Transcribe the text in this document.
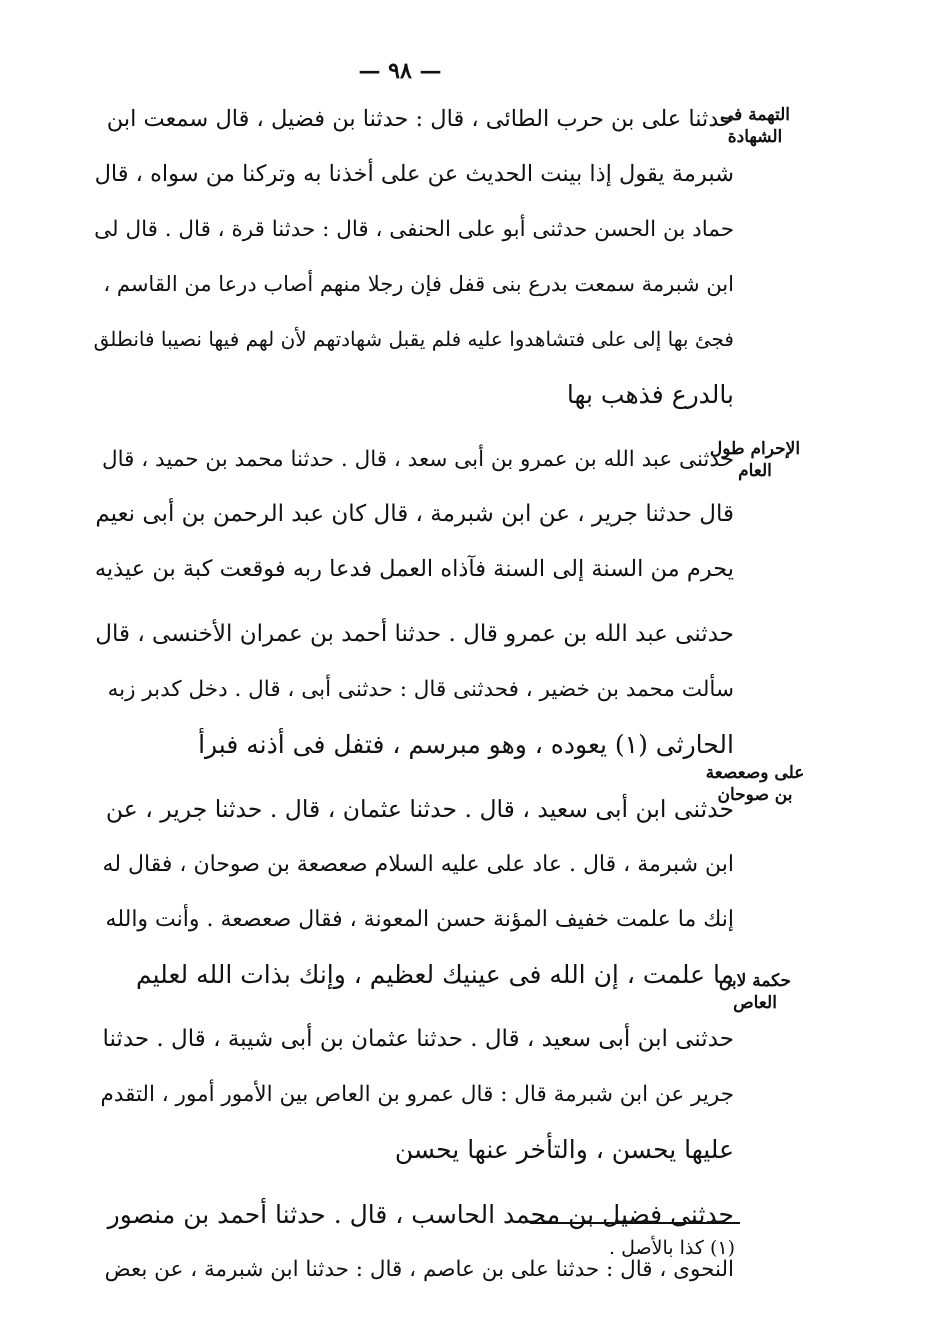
— ٩٨ —
التهمة فى الشهادة
الإحرام طول العام
على وصعصعة بن صوحان
حكمة لابن العاص
حدثنا على بن حرب الطائى ، قال : حدثنا بن فضيل ، قال سمعت ابن
شبرمة يقول إذا بينت الحديث عن على أخذنا به وتركنا من سواه ، قال
حماد بن الحسن حدثنى أبو على الحنفى ، قال : حدثنا قرة ، قال . قال لى
ابن شبرمة سمعت بدرع بنى قفل فإن رجلا منهم أصاب درعا من القاسم ،
فجئ بها إلى على فتشاهدوا عليه فلم يقبل شهادتهم لأن لهم فيها نصيبا فانطلق
بالدرع فذهب بها
حدثنى عبد الله بن عمرو بن أبى سعد ، قال . حدثنا محمد بن حميد ، قال
قال حدثنا جرير ، عن ابن شبرمة ، قال كان عبد الرحمن بن أبى نعيم
يحرم من السنة إلى السنة فآذاه العمل فدعا ربه فوقعت كبة بن عيذيه
حدثنى عبد الله بن عمرو قال . حدثنا أحمد بن عمران الأخنسى ، قال
سألت محمد بن خضير ، فحدثنى قال : حدثنى أبى ، قال . دخل كدبر زبه
الحارثى (١) يعوده ، وهو مبرسم ، فتفل فى أذنه فبرأ
حدثنى ابن أبى سعيد ، قال . حدثنا عثمان ، قال . حدثنا جرير ، عن
ابن شبرمة ، قال . عاد على عليه السلام صعصعة بن صوحان ، فقال له
إنك ما علمت خفيف المؤنة حسن المعونة ، فقال صعصعة . وأنت والله
ما علمت ، إن الله فى عينيك لعظيم ، وإنك بذات الله لعليم
حدثنى ابن أبى سعيد ، قال . حدثنا عثمان بن أبى شيبة ، قال . حدثنا
جرير عن ابن شبرمة قال : قال عمرو بن العاص بين الأمور أمور ، التقدم
عليها يحسن ، والتأخر عنها يحسن
حدثنى فضيل بن محمد الحاسب ، قال . حدثنا أحمد بن منصور
النحوى ، قال : حدثنا على بن عاصم ، قال : حدثنا ابن شبرمة ، عن بعض
(١) كذا بالأصل .
